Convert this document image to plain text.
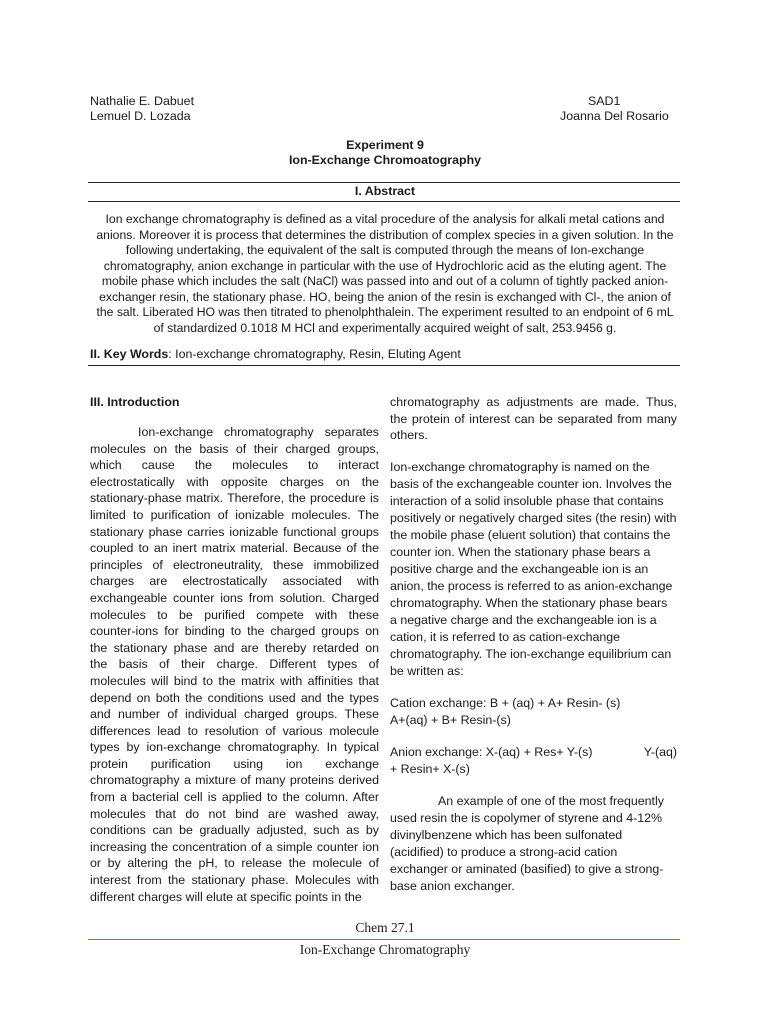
Nathalie E. Dabuet
Lemuel D. Lozada
SAD1
Joanna Del Rosario
Experiment 9
Ion-Exchange Chromoatography
I. Abstract

Ion exchange chromatography is defined as a vital procedure of the analysis for alkali metal cations and anions. Moreover it is process that determines the distribution of complex species in a given solution. In the following undertaking, the equivalent of the salt is computed through the means of Ion-exchange chromatography, anion exchange in particular with the use of Hydrochloric acid as the eluting agent. The mobile phase which includes the salt (NaCl) was passed into and out of a column of tightly packed anion-exchanger resin, the stationary phase. HO, being the anion of the resin is exchanged with Cl-, the anion of the salt. Liberated HO was then titrated to phenolphthalein. The experiment resulted to an endpoint of 6 mL of standardized 0.1018 M HCl and experimentally acquired weight of salt, 253.9456 g.

II. Key Words: Ion-exchange chromatography, Resin, Eluting Agent
III. Introduction

Ion-exchange chromatography separates molecules on the basis of their charged groups, which cause the molecules to interact electrostatically with opposite charges on the stationary-phase matrix. Therefore, the procedure is limited to purification of ionizable molecules. The stationary phase carries ionizable functional groups coupled to an inert matrix material. Because of the principles of electroneutrality, these immobilized charges are electrostatically associated with exchangeable counter ions from solution. Charged molecules to be purified compete with these counter-ions for binding to the charged groups on the stationary phase and are thereby retarded on the basis of their charge. Different types of molecules will bind to the matrix with affinities that depend on both the conditions used and the types and number of individual charged groups. These differences lead to resolution of various molecule types by ion-exchange chromatography. In typical protein purification using ion exchange chromatography a mixture of many proteins derived from a bacterial cell is applied to the column. After molecules that do not bind are washed away, conditions can be gradually adjusted, such as by increasing the concentration of a simple counter ion or by altering the pH, to release the molecule of interest from the stationary phase. Molecules with different charges will elute at specific points in the

chromatography as adjustments are made. Thus, the protein of interest can be separated from many others.

Ion-exchange chromatography is named on the basis of the exchangeable counter ion. Involves the interaction of a solid insoluble phase that contains positively or negatively charged sites (the resin) with the mobile phase (eluent solution) that contains the counter ion. When the stationary phase bears a positive charge and the exchangeable ion is an anion, the process is referred to as anion-exchange chromatography. When the stationary phase bears a negative charge and the exchangeable ion is a cation, it is referred to as cation-exchange chromatography. The ion-exchange equilibrium can be written as:

Cation exchange: B + (aq) + A+ Resin- (s)
A+(aq) + B+ Resin-(s)
Anion exchange: X-(aq) + Res+ Y-(s)	Y-(aq)
+ Resin+ X-(s)

An example of one of the most frequently used resin the is copolymer of styrene and 4-12% divinylbenzene which has been sulfonated (acidified) to produce a strong-acid cation exchanger or aminated (basified) to give a strong-base anion exchanger.

Chem 27.1
Ion-Exchange Chromatography
